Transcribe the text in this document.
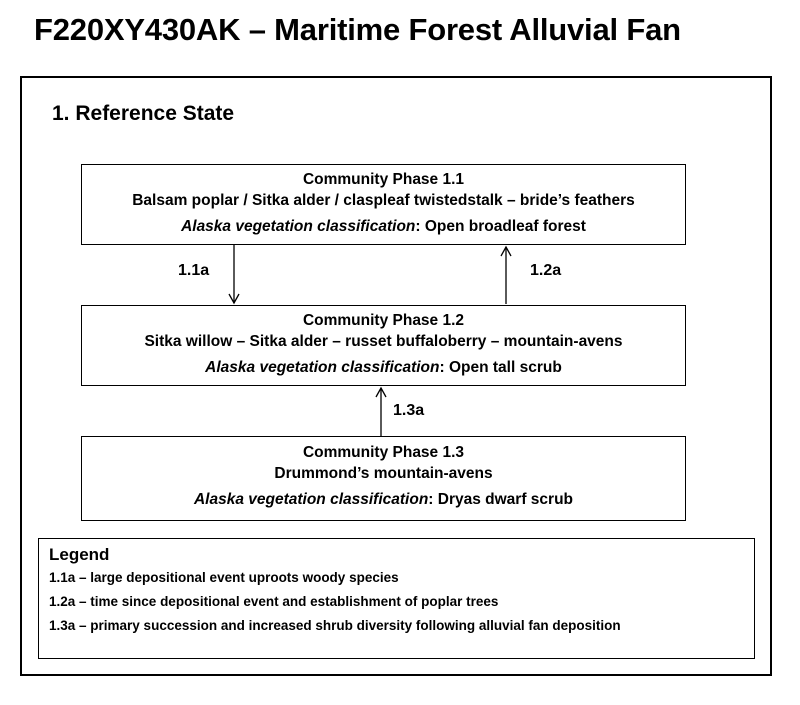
F220XY430AK – Maritime Forest Alluvial Fan
1. Reference State
Community Phase 1.1
Balsam poplar / Sitka alder / claspleaf twistedstalk – bride’s feathers
Alaska vegetation classification: Open broadleaf forest
Community Phase 1.2
Sitka willow – Sitka alder – russet buffaloberry – mountain-avens
Alaska vegetation classification: Open tall scrub
Community Phase 1.3
Drummond’s mountain-avens
Alaska vegetation classification: Dryas dwarf scrub
1.1a	1.2a
1.3a
Legend
1.1a – large depositional event uproots woody species
1.2a – time since depositional event and establishment of poplar trees
1.3a – primary succession and increased shrub diversity following alluvial fan deposition
